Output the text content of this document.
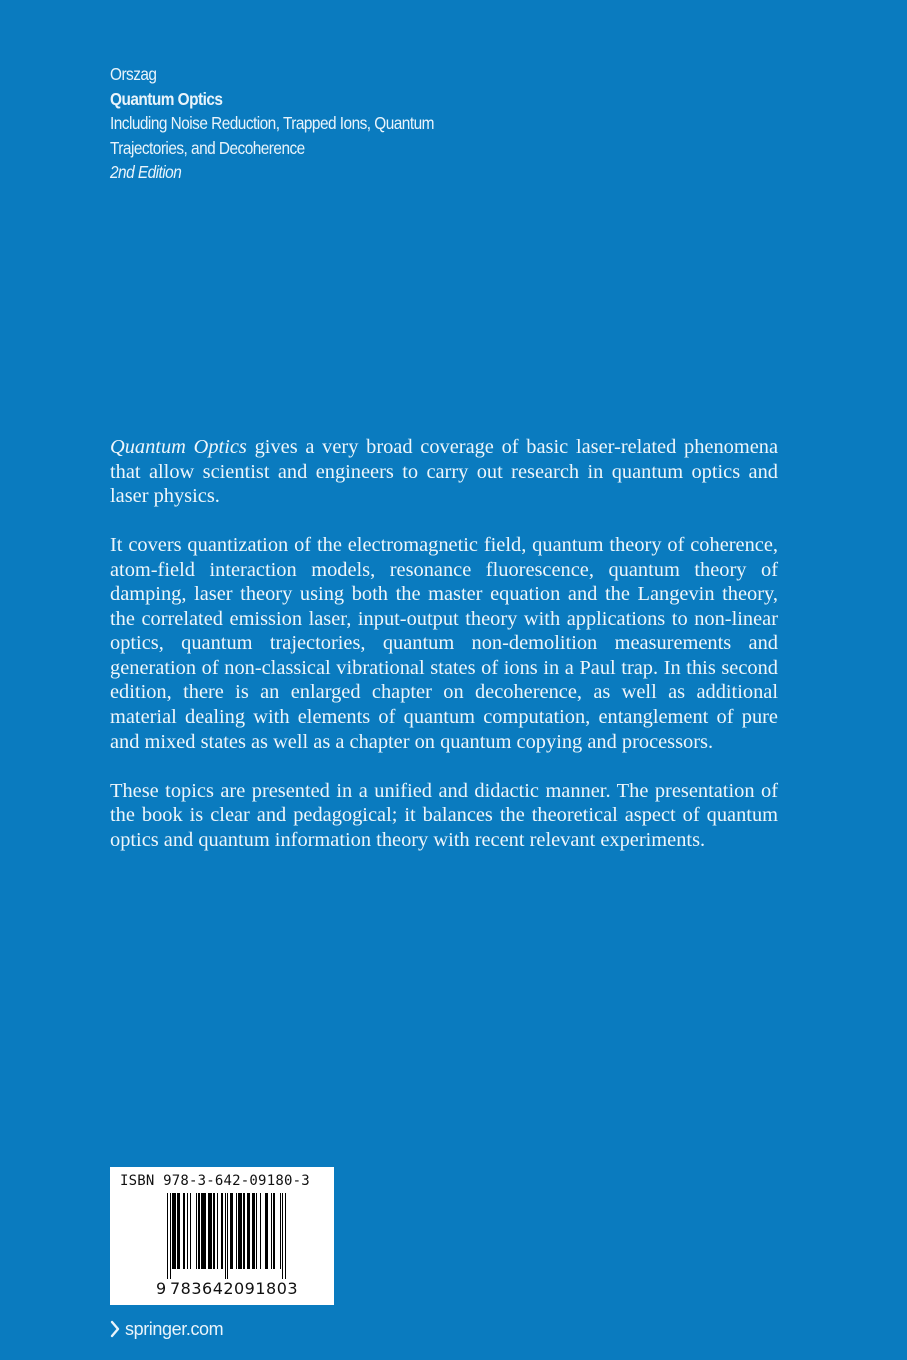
Orszag
Quantum Optics
Including Noise Reduction, Trapped Ions, Quantum
Trajectories, and Decoherence
2nd Edition

Quantum Optics gives a very broad coverage of basic laser-related phenomena that allow scientist and engineers to carry out research in quantum optics and laser physics.

It covers quantization of the electromagnetic field, quantum theory of coherence, atom-field interaction models, resonance fluorescence, quantum theory of damping, laser theory using both the master equation and the Langevin theory, the correlated emission laser, input-output theory with applications to non-linear optics, quantum trajectories, quantum non-demolition measurements and generation of non-classical vibrational states of ions in a Paul trap. In this second edition, there is an enlarged chapter on decoherence, as well as additional material dealing with elements of quantum computation, entanglement of pure and mixed states as well as a chapter on quantum copying and processors.

These topics are presented in a unified and didactic manner. The presentation of the book is clear and pedagogical; it balances the theoretical aspect of quantum optics and quantum information theory with recent relevant experiments.

ISBN 978-3-642-09180-3
9 783642 091803
springer.com
